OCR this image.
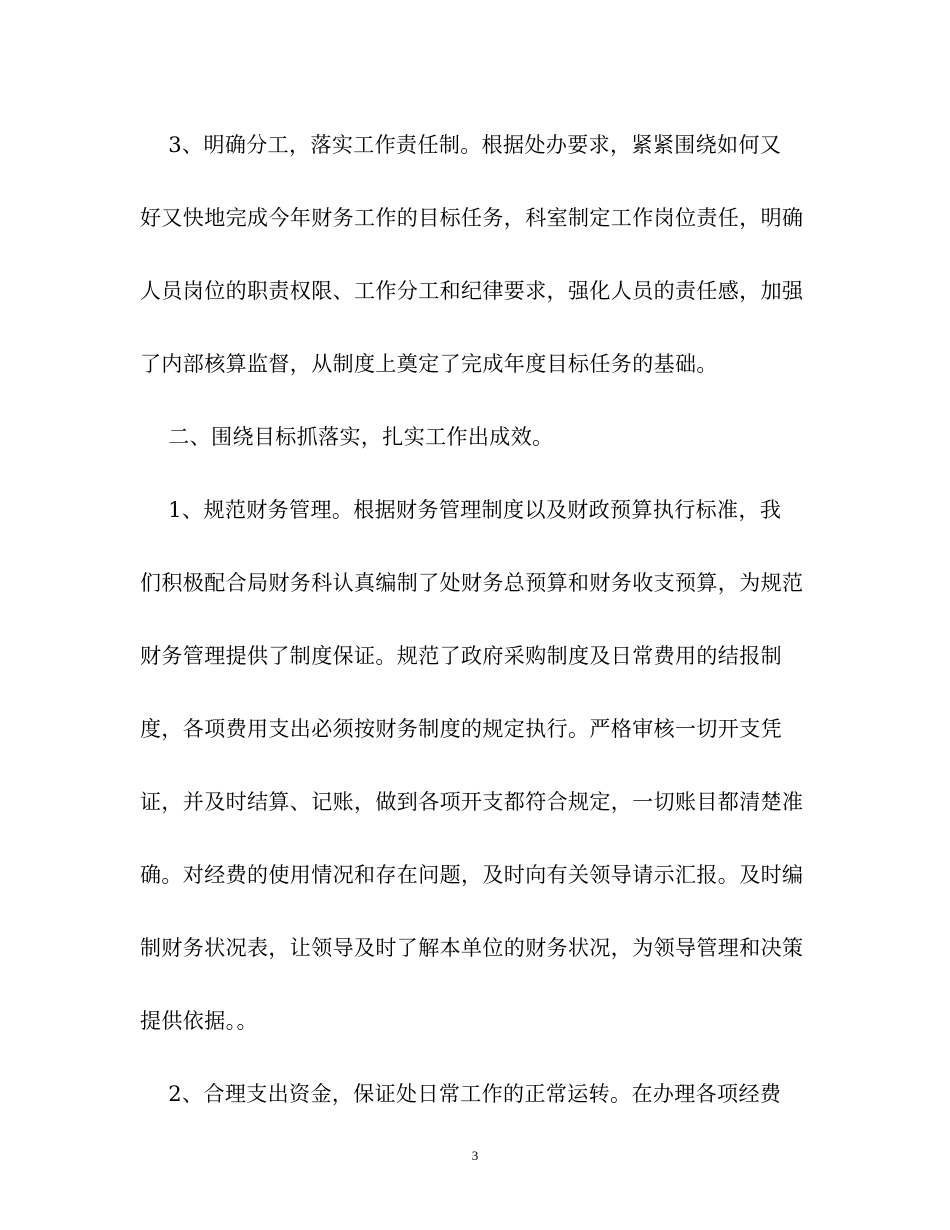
3、明确分工，落实工作责任制。根据处办要求，紧紧围绕如何又
好又快地完成今年财务工作的目标任务，科室制定工作岗位责任，明确
人员岗位的职责权限、工作分工和纪律要求，强化人员的责任感，加强
了内部核算监督，从制度上奠定了完成年度目标任务的基础。
二、围绕目标抓落实，扎实工作出成效。
1、规范财务管理。根据财务管理制度以及财政预算执行标准，我
们积极配合局财务科认真编制了处财务总预算和财务收支预算，为规范
财务管理提供了制度保证。规范了政府采购制度及日常费用的结报制
度，各项费用支出必须按财务制度的规定执行。严格审核一切开支凭
证，并及时结算、记账，做到各项开支都符合规定，一切账目都清楚准
确。对经费的使用情况和存在问题，及时向有关领导请示汇报。及时编
制财务状况表，让领导及时了解本单位的财务状况，为领导管理和决策
提供依据。。
2、合理支出资金，保证处日常工作的正常运转。在办理各项经费
3
